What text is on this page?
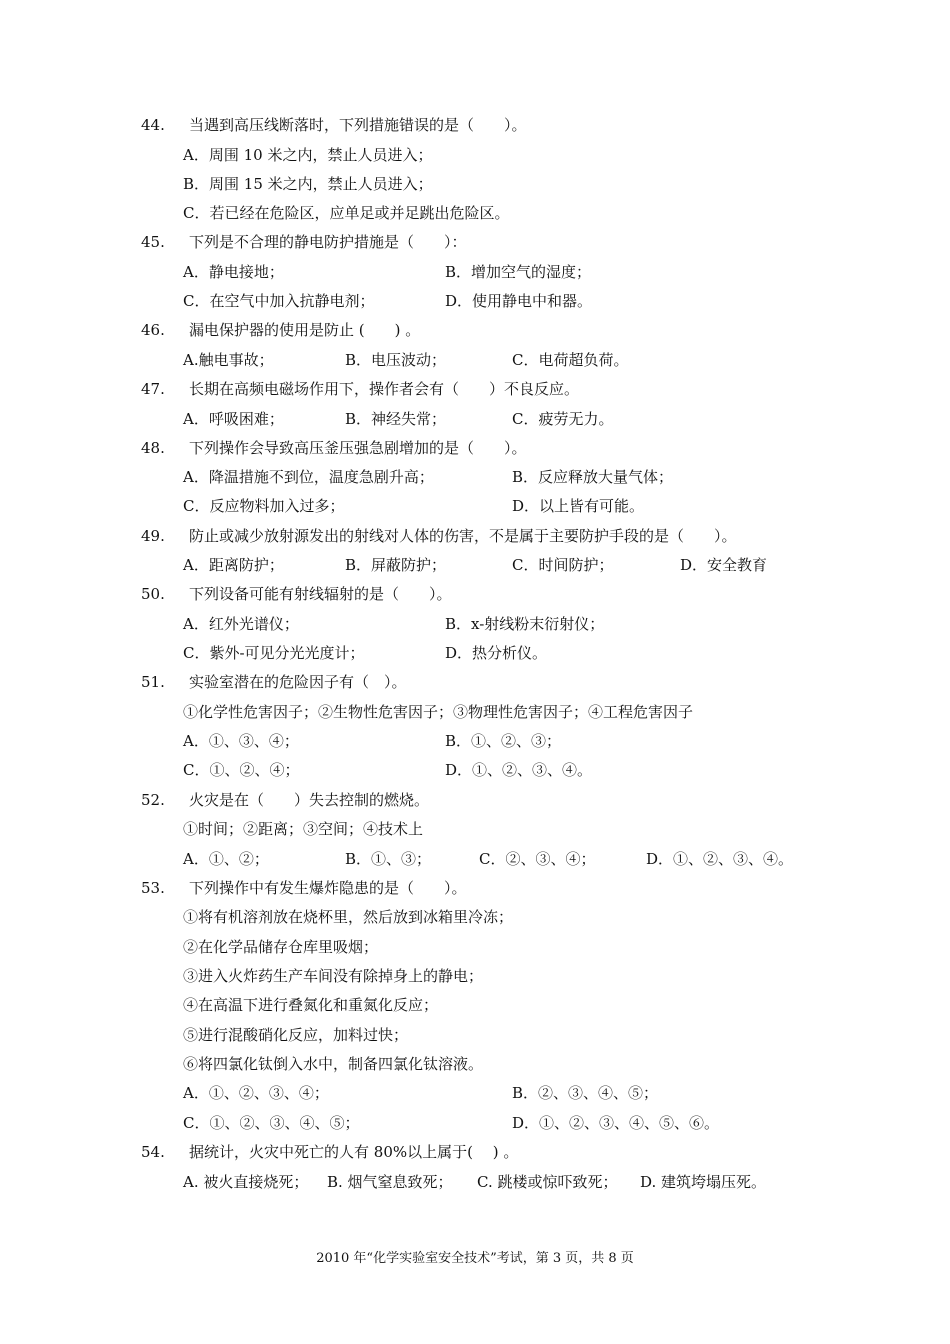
44. 当遇到高压线断落时，下列措施错误的是（　　）。
A．周围 10 米之内，禁止人员进入；
B．周围 15 米之内，禁止人员进入；
C．若已经在危险区，应单足或并足跳出危险区。
45. 下列是不合理的静电防护措施是（　　）：
A．静电接地；	B．增加空气的湿度；
C．在空气中加入抗静电剂；	D．使用静电中和器。
46. 漏电保护器的使用是防止 (　　) 。
A.触电事故；	B．电压波动；	C．电荷超负荷。
47. 长期在高频电磁场作用下，操作者会有（　　）不良反应。
A．呼吸困难；	B．神经失常；	C．疲劳无力。
48. 下列操作会导致高压釜压强急剧增加的是（　　）。
A．降温措施不到位，温度急剧升高；	B．反应释放大量气体；
C．反应物料加入过多；	D．以上皆有可能。
49. 防止或减少放射源发出的射线对人体的伤害，不是属于主要防护手段的是（　　）。
A．距离防护；	B．屏蔽防护；	C．时间防护；	D．安全教育
50. 下列设备可能有射线辐射的是（　　）。
A．红外光谱仪；	B．x-射线粉末衍射仪；
C．紫外-可见分光光度计；	D．热分析仪。
51. 实验室潜在的危险因子有（　）。
①化学性危害因子；②生物性危害因子；③物理性危害因子；④工程危害因子
A．①、③、④；	B．①、②、③；
C．①、②、④；	D．①、②、③、④。
52. 火灾是在（　　）失去控制的燃烧。
①时间；②距离；③空间；④技术上
A．①、②；	B．①、③；	C．②、③、④；	D．①、②、③、④。
53. 下列操作中有发生爆炸隐患的是（　　）。
①将有机溶剂放在烧杯里，然后放到冰箱里冷冻；
②在化学品储存仓库里吸烟；
③进入火炸药生产车间没有除掉身上的静电；
④在高温下进行叠氮化和重氮化反应；
⑤进行混酸硝化反应，加料过快；
⑥将四氯化钛倒入水中，制备四氯化钛溶液。
A．①、②、③、④；	B．②、③、④、⑤；
C．①、②、③、④、⑤；	D．①、②、③、④、⑤、⑥。
54. 据统计，火灾中死亡的人有 80%以上属于(　 ) 。
A. 被火直接烧死； B. 烟气窒息致死； C. 跳楼或惊吓致死； D. 建筑垮塌压死。
2010 年“化学实验室安全技术”考试，第 3 页，共 8 页
